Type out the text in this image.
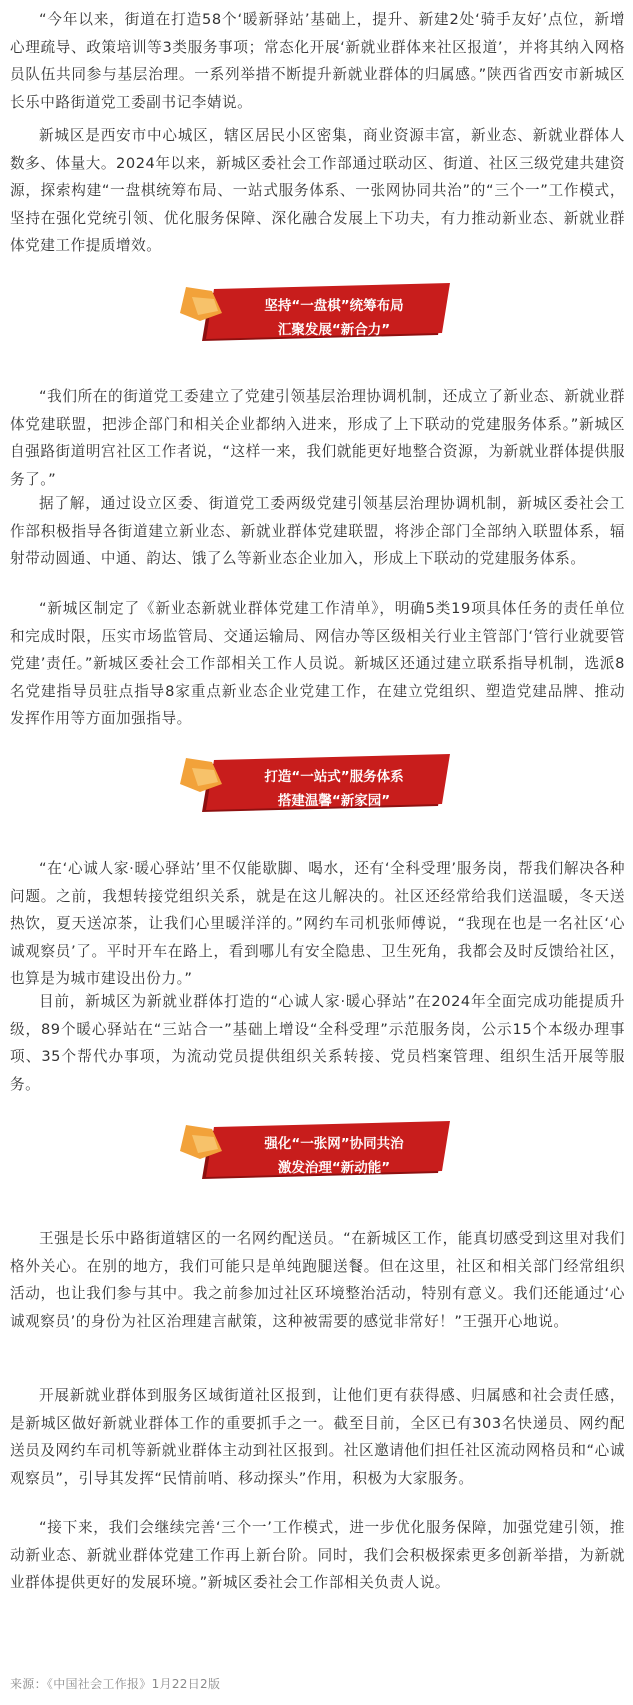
“今年以来，街道在打造58个‘暖新驿站’基础上，提升、新建2处‘骑手友好’点位，新增心理疏导、政策培训等3类服务事项；常态化开展‘新就业群体来社区报道’，并将其纳入网格员队伍共同参与基层治理。一系列举措不断提升新就业群体的归属感。”陕西省西安市新城区长乐中路街道党工委副书记李婧说。

新城区是西安市中心城区，辖区居民小区密集，商业资源丰富，新业态、新就业群体人数多、体量大。2024年以来，新城区委社会工作部通过联动区、街道、社区三级党建共建资源，探索构建“一盘棋统筹布局、一站式服务体系、一张网协同共治”的“三个一”工作模式，坚持在强化党统引领、优化服务保障、深化融合发展上下功夫，有力推动新业态、新就业群体党建工作提质增效。

坚持“一盘棋”统筹布局
汇聚发展“新合力”

“我们所在的街道党工委建立了党建引领基层治理协调机制，还成立了新业态、新就业群体党建联盟，把涉企部门和相关企业都纳入进来，形成了上下联动的党建服务体系。”新城区自强路街道明宫社区工作者说，“这样一来，我们就能更好地整合资源，为新就业群体提供服务了。”

据了解，通过设立区委、街道党工委两级党建引领基层治理协调机制，新城区委社会工作部积极指导各街道建立新业态、新就业群体党建联盟，将涉企部门全部纳入联盟体系，辐射带动圆通、中通、韵达、饿了么等新业态企业加入，形成上下联动的党建服务体系。

“新城区制定了《新业态新就业群体党建工作清单》，明确5类19项具体任务的责任单位和完成时限，压实市场监管局、交通运输局、网信办等区级相关行业主管部门‘管行业就要管党建’责任。”新城区委社会工作部相关工作人员说。新城区还通过建立联系指导机制，选派8名党建指导员驻点指导8家重点新业态企业党建工作，在建立党组织、塑造党建品牌、推动发挥作用等方面加强指导。

打造“一站式”服务体系
搭建温馨“新家园”

“在‘心诚人家·暖心驿站’里不仅能歇脚、喝水，还有‘全科受理’服务岗，帮我们解决各种问题。之前，我想转接党组织关系，就是在这儿解决的。社区还经常给我们送温暖，冬天送热饮，夏天送凉茶，让我们心里暖洋洋的。”网约车司机张师傅说，“我现在也是一名社区‘心诚观察员’了。平时开车在路上，看到哪儿有安全隐患、卫生死角，我都会及时反馈给社区，也算是为城市建设出份力。”

目前，新城区为新就业群体打造的“心诚人家·暖心驿站”在2024年全面完成功能提质升级，89个暖心驿站在“三站合一”基础上增设“全科受理”示范服务岗，公示15个本级办理事项、35个帮代办事项，为流动党员提供组织关系转接、党员档案管理、组织生活开展等服务。

强化“一张网”协同共治
激发治理“新动能”

王强是长乐中路街道辖区的一名网约配送员。“在新城区工作，能真切感受到这里对我们格外关心。在别的地方，我们可能只是单纯跑腿送餐。但在这里，社区和相关部门经常组织活动，也让我们参与其中。我之前参加过社区环境整治活动，特别有意义。我们还能通过‘心诚观察员’的身份为社区治理建言献策，这种被需要的感觉非常好！”王强开心地说。

开展新就业群体到服务区域街道社区报到，让他们更有获得感、归属感和社会责任感，是新城区做好新就业群体工作的重要抓手之一。截至目前，全区已有303名快递员、网约配送员及网约车司机等新就业群体主动到社区报到。社区邀请他们担任社区流动网格员和“心诚观察员”，引导其发挥“民情前哨、移动探头”作用，积极为大家服务。

“接下来，我们会继续完善‘三个一’工作模式，进一步优化服务保障，加强党建引领，推动新业态、新就业群体党建工作再上新台阶。同时，我们会积极探索更多创新举措，为新就业群体提供更好的发展环境。”新城区委社会工作部相关负责人说。

来源：《中国社会工作报》1月22日2版
